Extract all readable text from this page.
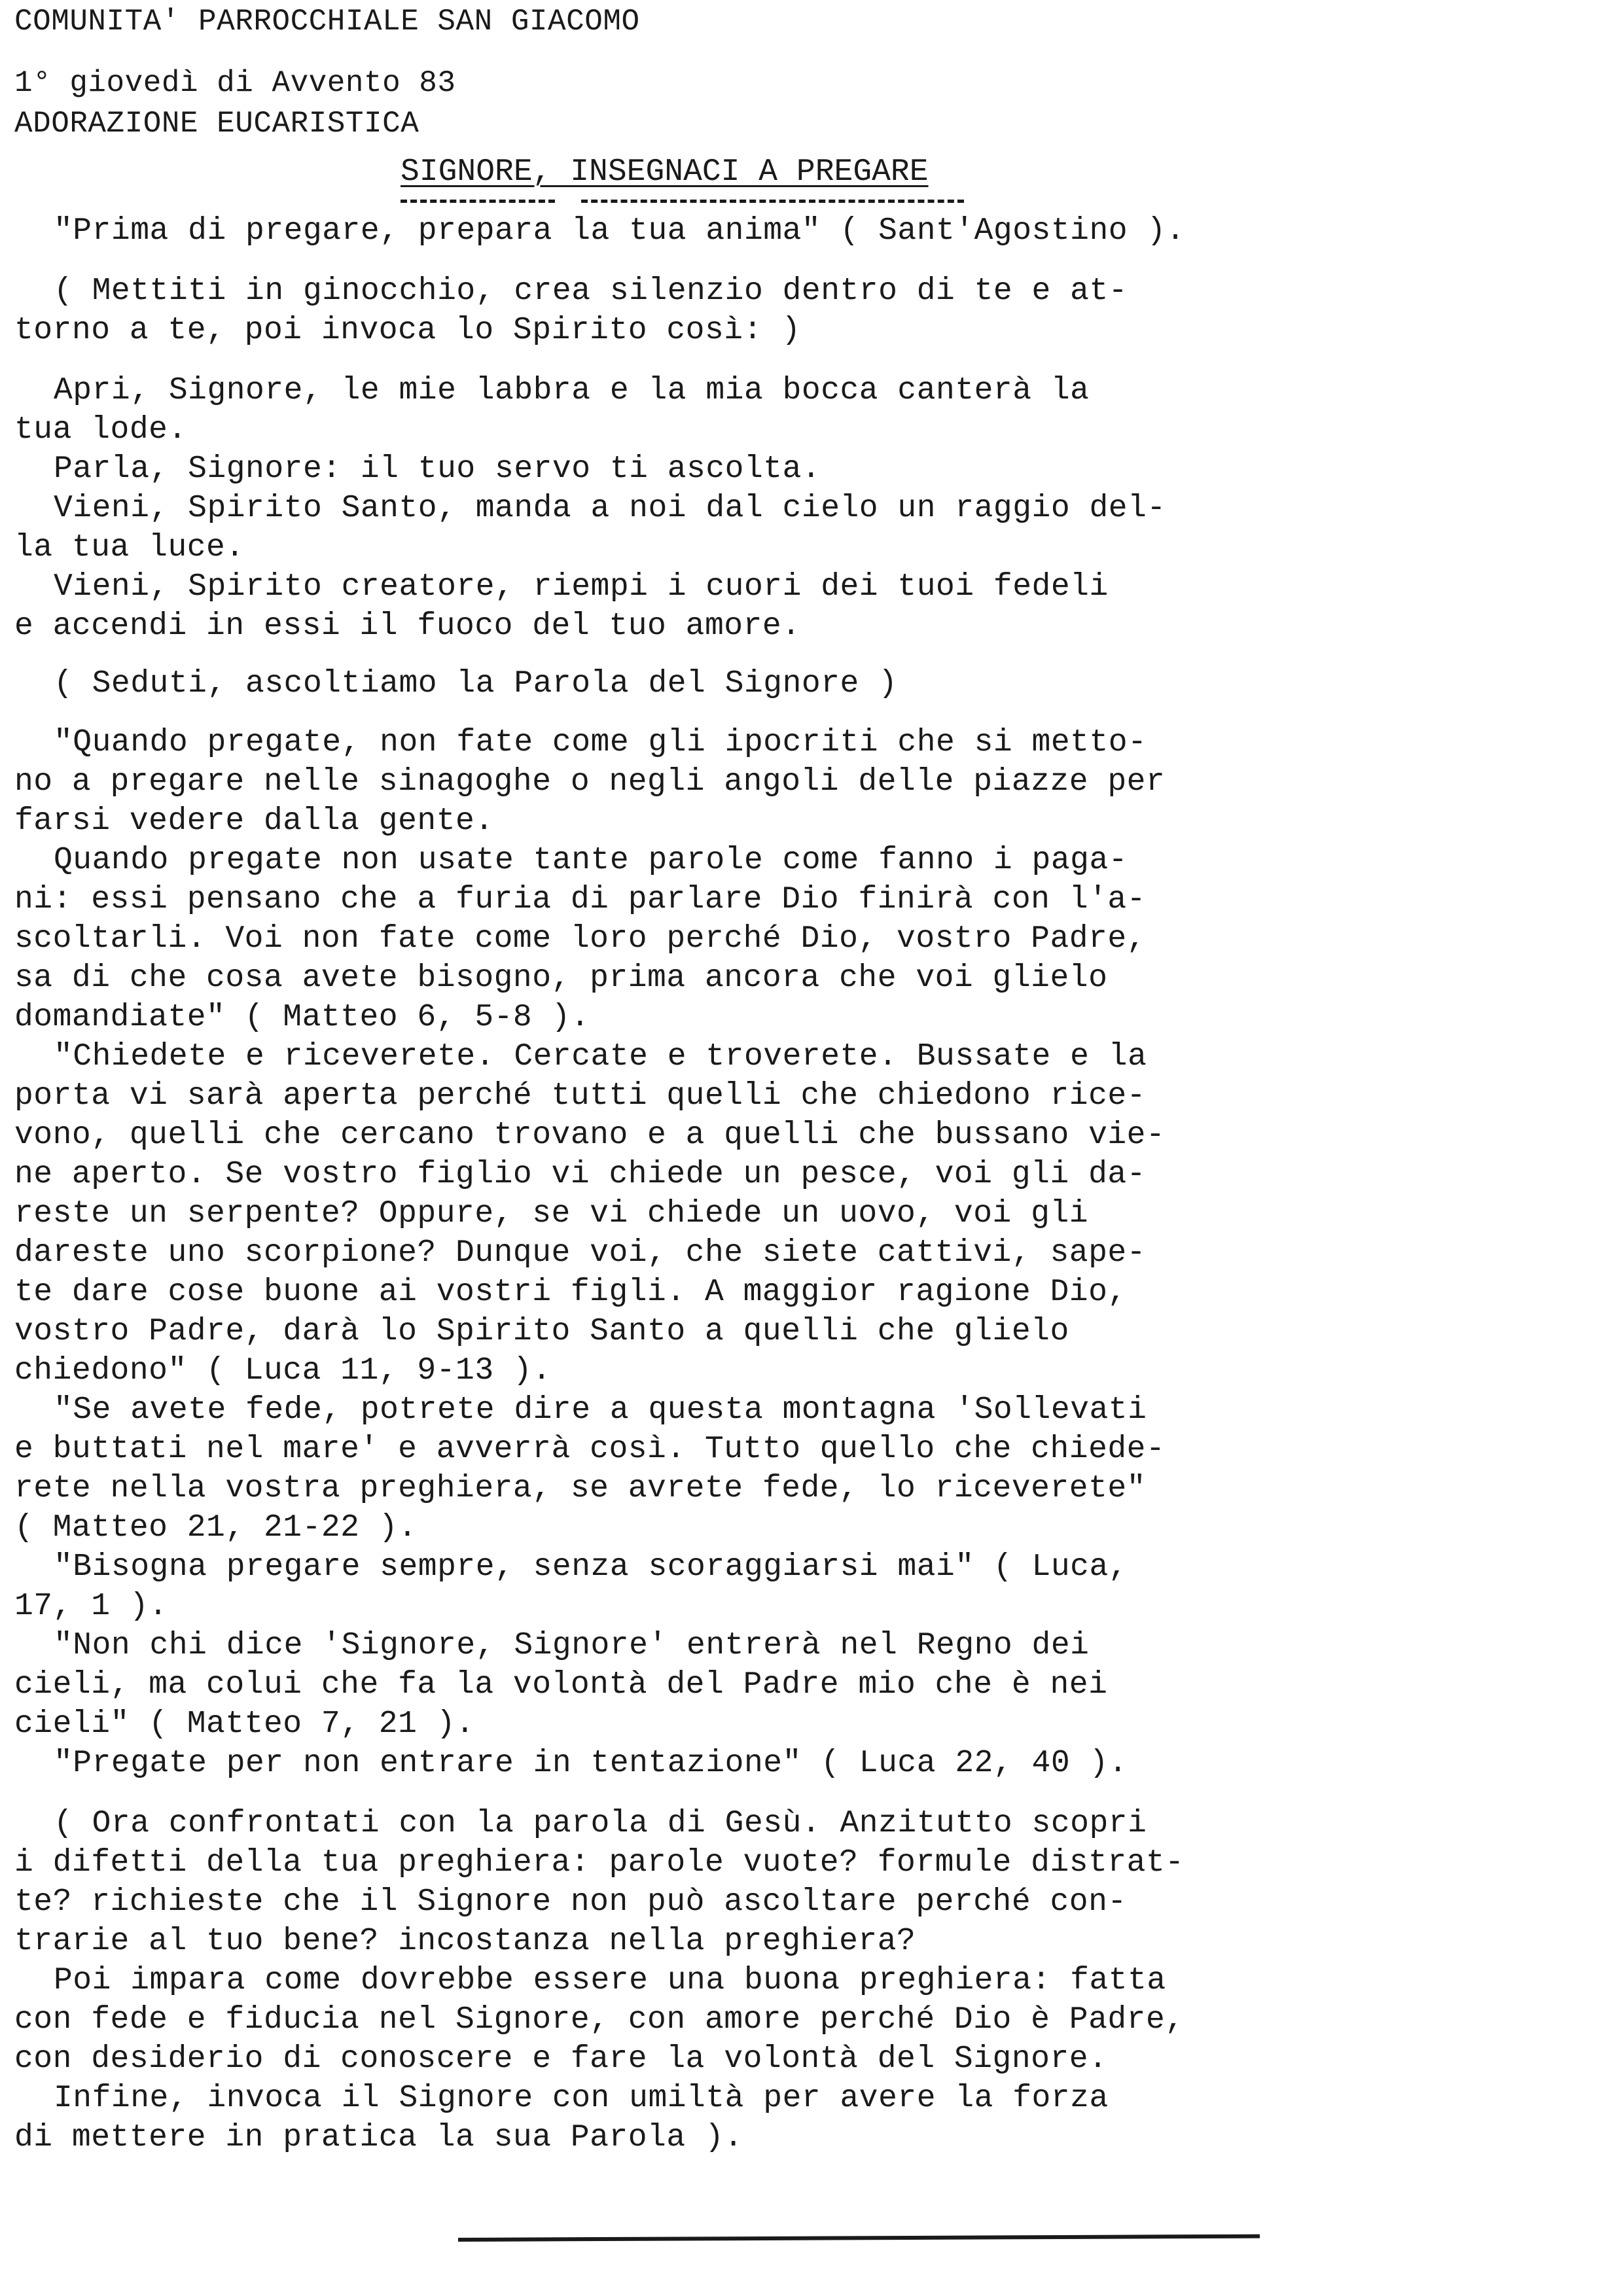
COMUNITA' PARROCCHIALE SAN GIACOMO
1° giovedì di Avvento 83
ADORAZIONE EUCARISTICA
SIGNORE, INSEGNACI A PREGARE
"Prima di pregare, prepara la tua anima" ( Sant'Agostino ).
( Mettiti in ginocchio, crea silenzio dentro di te e at-
torno a te, poi invoca lo Spirito così: )
Apri, Signore, le mie labbra e la mia bocca canterà la
tua lode.
Parla, Signore: il tuo servo ti ascolta.
Vieni, Spirito Santo, manda a noi dal cielo un raggio del-
la tua luce.
Vieni, Spirito creatore, riempi i cuori dei tuoi fedeli
e accendi in essi il fuoco del tuo amore.
( Seduti, ascoltiamo la Parola del Signore )
"Quando pregate, non fate come gli ipocriti che si metto-
no a pregare nelle sinagoghe o negli angoli delle piazze per
farsi vedere dalla gente.
Quando pregate non usate tante parole come fanno i paga-
ni: essi pensano che a furia di parlare Dio finirà con l'a-
scoltarli. Voi non fate come loro perché Dio, vostro Padre,
sa di che cosa avete bisogno, prima ancora che voi glielo
domandiate" ( Matteo 6, 5-8 ).
"Chiedete e riceverete. Cercate e troverete. Bussate e la
porta vi sarà aperta perché tutti quelli che chiedono rice-
vono, quelli che cercano trovano e a quelli che bussano vie-
ne aperto. Se vostro figlio vi chiede un pesce, voi gli da-
reste un serpente? Oppure, se vi chiede un uovo, voi gli
dareste uno scorpione? Dunque voi, che siete cattivi, sape-
te dare cose buone ai vostri figli. A maggior ragione Dio,
vostro Padre, darà lo Spirito Santo a quelli che glielo
chiedono" ( Luca 11, 9-13 ).
"Se avete fede, potrete dire a questa montagna 'Sollevati
e buttati nel mare' e avverrà così. Tutto quello che chiede-
rete nella vostra preghiera, se avrete fede, lo riceverete"
( Matteo 21, 21-22 ).
"Bisogna pregare sempre, senza scoraggiarsi mai" ( Luca,
17, 1 ).
"Non chi dice 'Signore, Signore' entrerà nel Regno dei
cieli, ma colui che fa la volontà del Padre mio che è nei
cieli" ( Matteo 7, 21 ).
"Pregate per non entrare in tentazione" ( Luca 22, 40 ).
( Ora confrontati con la parola di Gesù. Anzitutto scopri
i difetti della tua preghiera: parole vuote? formule distrat-
te? richieste che il Signore non può ascoltare perché con-
trarie al tuo bene? incostanza nella preghiera?
Poi impara come dovrebbe essere una buona preghiera: fatta
con fede e fiducia nel Signore, con amore perché Dio è Padre,
con desiderio di conoscere e fare la volontà del Signore.
Infine, invoca il Signore con umiltà per avere la forza
di mettere in pratica la sua Parola ).
